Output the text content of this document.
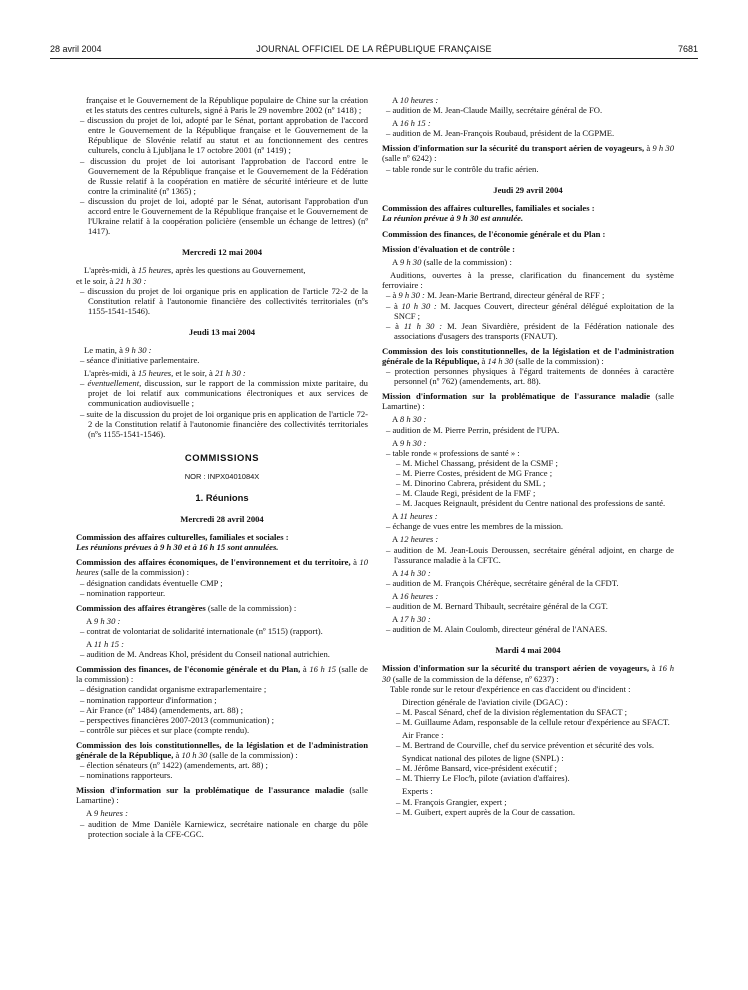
28 avril 2004	JOURNAL OFFICIEL DE LA RÉPUBLIQUE FRANÇAISE	7681

française et le Gouvernement de la République populaire de Chine sur la création et les statuts des centres culturels, signé à Paris le 29 novembre 2002 (nº 1418) ;

– discussion du projet de loi, adopté par le Sénat, portant approbation de l'accord entre le Gouvernement de la République française et le Gouvernement de la République de Slovénie relatif au statut et au fonctionnement des centres culturels, conclu à Ljubljana le 17 octobre 2001 (nº 1419) ;

– discussion du projet de loi autorisant l'approbation de l'accord entre le Gouvernement de la République française et le Gouvernement de la Fédération de Russie relatif à la coopération en matière de sécurité intérieure et de lutte contre la criminalité (nº 1365) ;

– discussion du projet de loi, adopté par le Sénat, autorisant l'approbation d'un accord entre le Gouvernement de la République française et le Gouvernement de l'Ukraine relatif à la coopération policière (ensemble un échange de lettres) (nº 1417).

Mercredi 12 mai 2004

L'après-midi, à 15 heures, après les questions au Gouvernement,

et le soir, à 21 h 30 :

– discussion du projet de loi organique pris en application de l'article 72-2 de la Constitution relatif à l'autonomie financière des collectivités territoriales (nºs 1155-1541-1546).

Jeudi 13 mai 2004

Le matin, à 9 h 30 :

– séance d'initiative parlementaire.

L'après-midi, à 15 heures, et le soir, à 21 h 30 :

– éventuellement, discussion, sur le rapport de la commission mixte paritaire, du projet de loi relatif aux communications électroniques et aux services de communication audiovisuelle ;

– suite de la discussion du projet de loi organique pris en application de l'article 72-2 de la Constitution relatif à l'autonomie financière des collectivités territoriales (nºs 1155-1541-1546).

COMMISSIONS

NOR : INPX0401084X

1. Réunions

Mercredi 28 avril 2004

Commission des affaires culturelles, familiales et sociales :

Les réunions prévues à 9 h 30 et à 16 h 15 sont annulées.

Commission des affaires économiques, de l'environnement et du territoire, à 10 heures (salle de la commission) :

– désignation candidats éventuelle CMP ;

– nomination rapporteur.

Commission des affaires étrangères (salle de la commission) :

A 9 h 30 :

– contrat de volontariat de solidarité internationale (nº 1515) (rapport).

A 11 h 15 :

– audition de M. Andreas Khol, président du Conseil national autrichien.

Commission des finances, de l'économie générale et du Plan, à 16 h 15 (salle de la commission) :

– désignation candidat organisme extraparlementaire ;

– nomination rapporteur d'information ;

– Air France (nº 1484) (amendements, art. 88) ;

– perspectives financières 2007-2013 (communication) ;

– contrôle sur pièces et sur place (compte rendu).

Commission des lois constitutionnelles, de la législation et de l'administration générale de la République, à 10 h 30 (salle de la commission) :

– élection sénateurs (nº 1422) (amendements, art. 88) ;

– nominations rapporteurs.

Mission d'information sur la problématique de l'assurance maladie (salle Lamartine) :

A 9 heures :

– audition de Mme Danièle Karniewicz, secrétaire nationale en charge du pôle protection sociale à la CFE-CGC.

A 10 heures :

– audition de M. Jean-Claude Mailly, secrétaire général de FO.

A 16 h 15 :

– audition de M. Jean-François Roubaud, président de la CGPME.

Mission d'information sur la sécurité du transport aérien de voyageurs, à 9 h 30 (salle nº 6242) :

– table ronde sur le contrôle du trafic aérien.

Jeudi 29 avril 2004

Commission des affaires culturelles, familiales et sociales :

La réunion prévue à 9 h 30 est annulée.

Commission des finances, de l'économie générale et du Plan :

Mission d'évaluation et de contrôle :

A 9 h 30 (salle de la commission) :

Auditions, ouvertes à la presse, clarification du financement du système ferroviaire :

– à 9 h 30 : M. Jean-Marie Bertrand, directeur général de RFF ;

– à 10 h 30 : M. Jacques Couvert, directeur général délégué exploitation de la SNCF ;

– à 11 h 30 : M. Jean Sivardière, président de la Fédération nationale des associations d'usagers des transports (FNAUT).

Commission des lois constitutionnelles, de la législation et de l'administration générale de la République, à 14 h 30 (salle de la commission) :

– protection personnes physiques à l'égard traitements de données à caractère personnel (nº 762) (amendements, art. 88).

Mission d'information sur la problématique de l'assurance maladie (salle Lamartine) :

A 8 h 30 :

– audition de M. Pierre Perrin, président de l'UPA.

A 9 h 30 :

– table ronde « professions de santé » :

– M. Michel Chassang, président de la CSMF ;

– M. Pierre Costes, président de MG France ;

– M. Dinorino Cabrera, président du SML ;

– M. Claude Regi, président de la FMF ;

– M. Jacques Reignault, président du Centre national des professions de santé.

A 11 heures :

– échange de vues entre les membres de la mission.

A 12 heures :

– audition de M. Jean-Louis Deroussen, secrétaire général adjoint, en charge de l'assurance maladie à la CFTC.

A 14 h 30 :

– audition de M. François Chérèque, secrétaire général de la CFDT.

A 16 heures :

– audition de M. Bernard Thibault, secrétaire général de la CGT.

A 17 h 30 :

– audition de M. Alain Coulomb, directeur général de l'ANAES.

Mardi 4 mai 2004

Mission d'information sur la sécurité du transport aérien de voyageurs, à 16 h 30 (salle de la commission de la défense, nº 6237) :

Table ronde sur le retour d'expérience en cas d'accident ou d'incident :

Direction générale de l'aviation civile (DGAC) :

– M. Pascal Sénard, chef de la division réglementation du SFACT ;

– M. Guillaume Adam, responsable de la cellule retour d'expérience au SFACT.

Air France :

– M. Bertrand de Courville, chef du service prévention et sécurité des vols.

Syndicat national des pilotes de ligne (SNPL) :

– M. Jérôme Bansard, vice-président exécutif ;

– M. Thierry Le Floc'h, pilote (aviation d'affaires).

Experts :

– M. François Grangier, expert ;

– M. Guibert, expert auprès de la Cour de cassation.
